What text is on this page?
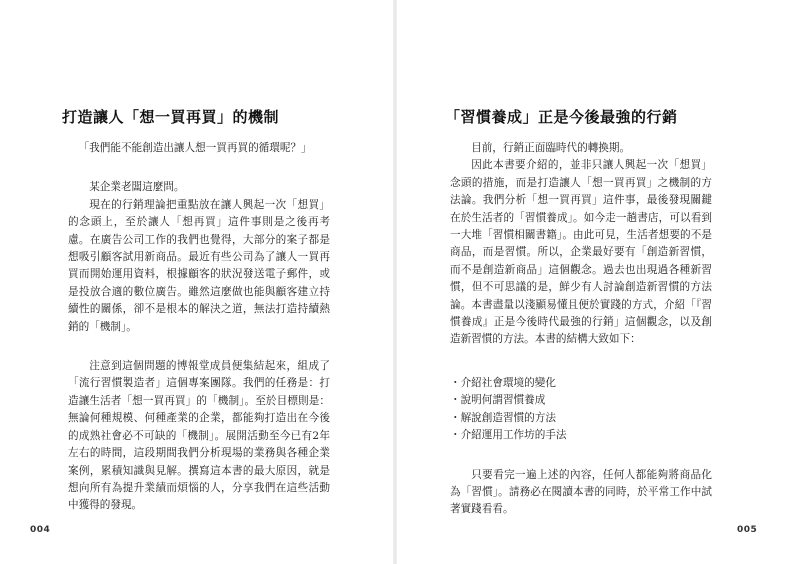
打造讓人「想一買再買」的機制

「我們能不能創造出讓人想一買再買的循環呢？」

某企業老闆這麼問。

現在的行銷理論把重點放在讓人興起一次「想買」的念頭上，至於讓人「想再買」這件事則是之後再考慮。在廣告公司工作的我們也覺得，大部分的案子都是想吸引顧客試用新商品。最近有些公司為了讓人一買再買而開始運用資料，根據顧客的狀況發送電子郵件，或是投放合適的數位廣告。雖然這麼做也能與顧客建立持續性的關係，卻不是根本的解決之道，無法打造持續熱銷的「機制」。

注意到這個問題的博報堂成員便集結起來，組成了「流行習慣製造者」這個專案團隊。我們的任務是：打造讓生活者「想一買再買」的「機制」。至於目標則是：無論何種規模、何種產業的企業，都能夠打造出在今後的成熟社會必不可缺的「機制」。展開活動至今已有2年左右的時間，這段期間我們分析現場的業務與各種企業案例，累積知識與見解。撰寫這本書的最大原因，就是想向所有為提升業績而煩惱的人，分享我們在這些活動中獲得的發現。

004
「習慣養成」正是今後最強的行銷

目前，行銷正面臨時代的轉換期。

因此本書要介紹的，並非只讓人興起一次「想買」念頭的措施，而是打造讓人「想一買再買」之機制的方法論。我們分析「想一買再買」這件事，最後發現關鍵在於生活者的「習慣養成」。如今走一趟書店，可以看到一大堆「習慣相關書籍」。由此可見，生活者想要的不是商品，而是習慣。所以，企業最好要有「創造新習慣，而不是創造新商品」這個觀念。過去也出現過各種新習慣，但不可思議的是，鮮少有人討論創造新習慣的方法論。本書盡量以淺顯易懂且便於實踐的方式，介紹「『習慣養成』正是今後時代最強的行銷」這個觀念，以及創造新習慣的方法。本書的結構大致如下：

・介紹社會環境的變化
・說明何謂習慣養成
・解說創造習慣的方法
・介紹運用工作坊的手法

只要看完一遍上述的內容，任何人都能夠將商品化為「習慣」。請務必在閱讀本書的同時，於平常工作中試著實踐看看。

005
